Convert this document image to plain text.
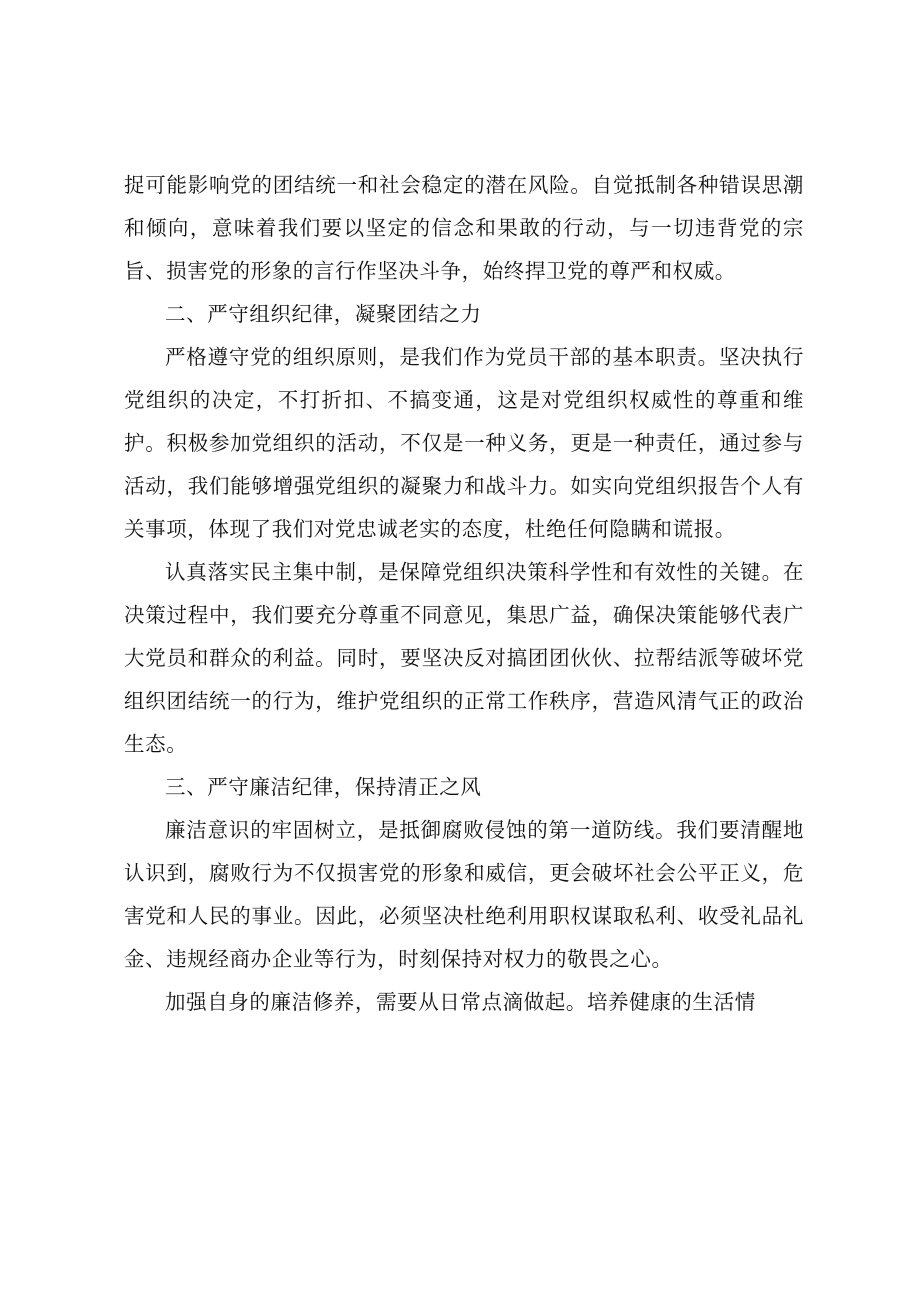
捉可能影响党的团结统一和社会稳定的潜在风险。自觉抵制各种错误思潮和倾向，意味着我们要以坚定的信念和果敢的行动，与一切违背党的宗旨、损害党的形象的言行作坚决斗争，始终捍卫党的尊严和权威。

二、严守组织纪律，凝聚团结之力

严格遵守党的组织原则，是我们作为党员干部的基本职责。坚决执行党组织的决定，不打折扣、不搞变通，这是对党组织权威性的尊重和维护。积极参加党组织的活动，不仅是一种义务，更是一种责任，通过参与活动，我们能够增强党组织的凝聚力和战斗力。如实向党组织报告个人有关事项，体现了我们对党忠诚老实的态度，杜绝任何隐瞒和谎报。

认真落实民主集中制，是保障党组织决策科学性和有效性的关键。在决策过程中，我们要充分尊重不同意见，集思广益，确保决策能够代表广大党员和群众的利益。同时，要坚决反对搞团团伙伙、拉帮结派等破坏党组织团结统一的行为，维护党组织的正常工作秩序，营造风清气正的政治生态。

三、严守廉洁纪律，保持清正之风

廉洁意识的牢固树立，是抵御腐败侵蚀的第一道防线。我们要清醒地认识到，腐败行为不仅损害党的形象和威信，更会破坏社会公平正义，危害党和人民的事业。因此，必须坚决杜绝利用职权谋取私利、收受礼品礼金、违规经商办企业等行为，时刻保持对权力的敬畏之心。

加强自身的廉洁修养，需要从日常点滴做起。培养健康的生活情
